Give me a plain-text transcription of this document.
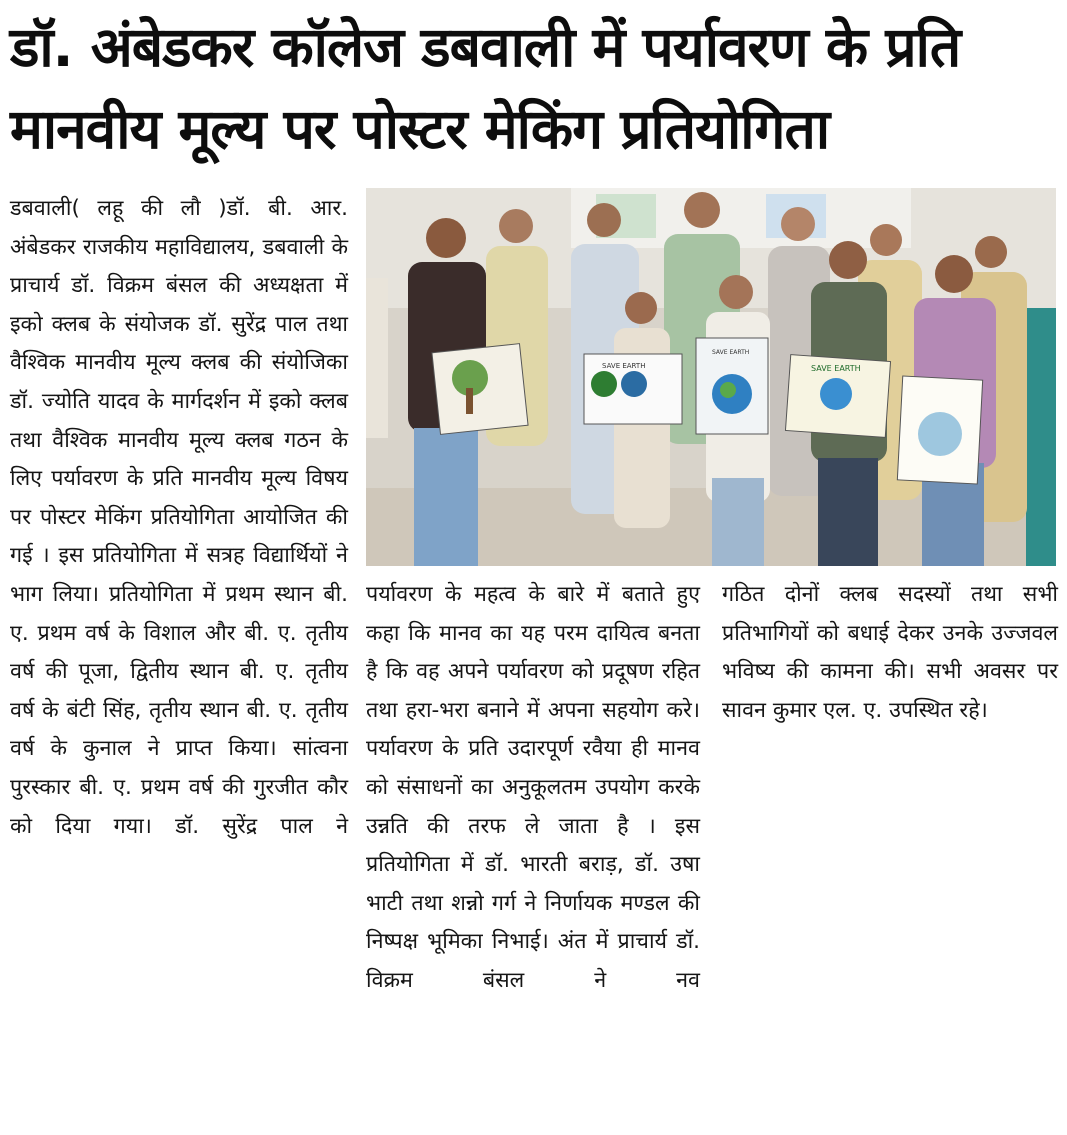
डॉ. अंबेडकर कॉलेज डबवाली में पर्यावरण के प्रति
मानवीय मूल्य पर पोस्टर मेकिंग प्रतियोगिता
SAVE EARTH	SAVE EARTH
SAVE EARTH

डबवाली( लहू की लौ )डॉ. बी. आर. अंबेडकर राजकीय महाविद्यालय, डबवाली के प्राचार्य डॉ. विक्रम बंसल की अध्यक्षता में इको क्लब के संयोजक डॉ. सुरेंद्र पाल तथा वैश्विक मानवीय मूल्य क्लब की संयोजिका डॉ. ज्योति यादव के मार्गदर्शन में इको क्लब तथा वैश्विक मानवीय मूल्य क्लब गठन के लिए पर्यावरण के प्रति मानवीय मूल्य विषय पर पोस्टर मेकिंग प्रतियोगिता आयोजित की गई । इस प्रतियोगिता में सत्रह विद्यार्थियों ने भाग लिया। प्रतियोगिता में प्रथम स्थान बी. ए. प्रथम वर्ष के विशाल और बी. ए. तृतीय वर्ष की पूजा, द्वितीय स्थान बी. ए. तृतीय वर्ष के बंटी सिंह, तृतीय स्थान बी. ए. तृतीय वर्ष के कुनाल ने प्राप्त किया। सांत्वना पुरस्कार बी. ए. प्रथम वर्ष की गुरजीत कौर को दिया गया। डॉ. सुरेंद्र पाल ने

पर्यावरण के महत्व के बारे में बताते हुए कहा कि मानव का यह परम दायित्व बनता है कि वह अपने पर्यावरण को प्रदूषण रहित तथा हरा-भरा बनाने में अपना सहयोग करे। पर्यावरण के प्रति उदारपूर्ण रवैया ही मानव को संसाधनों का अनुकूलतम उपयोग करके उन्नति की तरफ ले जाता है । इस प्रतियोगिता में डॉ. भारती बराड़, डॉ. उषा भाटी तथा शन्नो गर्ग ने निर्णायक मण्डल की निष्पक्ष भूमिका निभाई। अंत में प्राचार्य डॉ. विक्रम बंसल ने नव

गठित दोनों क्लब सदस्यों तथा सभी प्रतिभागियों को बधाई देकर उनके उज्जवल भविष्य की कामना की। सभी अवसर पर सावन कुमार एल. ए. उपस्थित रहे।
